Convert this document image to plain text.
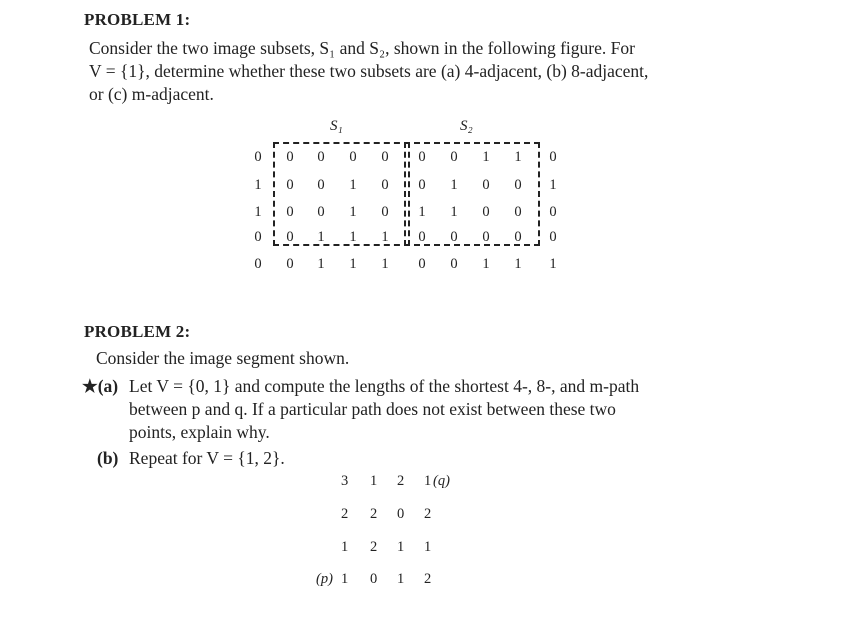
PROBLEM 1:
Consider the two image subsets, S₁ and S₂, shown in the following figure. For
V = {1}, determine whether these two subsets are (a) 4-adjacent, (b) 8-adjacent,
or (c) m-adjacent.
S₁	S₂
0	0	0	0	0	0	0	1	1	0
1	0	0	1	0	0	1	0	0	1
1	0	0	1	0	1	1	0	0	0
0	0	1	1	1	0	0	0	0	0
0	0	1	1	1	0	0	1	1	1
PROBLEM 2:
Consider the image segment shown.
★(a) Let V = {0, 1} and compute the lengths of the shortest 4-, 8-, and m-path
between p and q. If a particular path does not exist between these two
points, explain why.
(b) Repeat for V = {1, 2}.
3 1 2 1 (q)
2 2 0 2
1 2 1 1
(p) 1 0 1 2
